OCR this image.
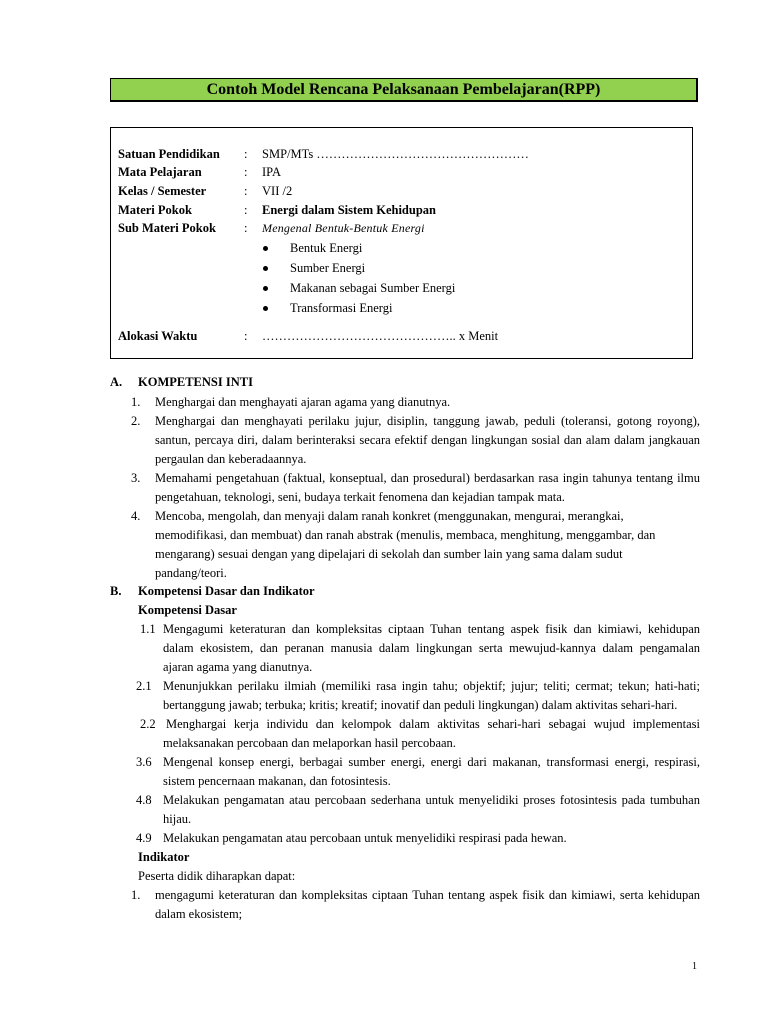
Contoh Model Rencana Pelaksanaan Pembelajaran(RPP)
Satuan Pendidikan : SMP/MTs ……………………………………………
Mata Pelajaran	: IPA
Kelas / Semester	: VII /2
Materi Pokok	: Energi dalam Sistem Kehidupan
Sub Materi Pokok : Mengenal Bentuk-Bentuk Energi
Bentuk Energi
Sumber Energi
Makanan sebagai Sumber Energi
Transformasi Energi
Alokasi Waktu	: ……………………………………….. x Menit
A. KOMPETENSI INTI
1. Menghargai dan menghayati ajaran agama yang dianutnya.
2. Menghargai dan menghayati perilaku jujur, disiplin, tanggung jawab, peduli (toleransi, gotong royong),
santun, percaya diri, dalam berinteraksi secara efektif dengan lingkungan sosial dan alam dalam jangkauan
pergaulan dan keberadaannya.
3. Memahami pengetahuan (faktual, konseptual, dan prosedural) berdasarkan rasa ingin tahunya tentang ilmu
pengetahuan, teknologi, seni, budaya terkait fenomena dan kejadian tampak mata.
4. Mencoba, mengolah, dan menyaji dalam ranah konkret (menggunakan, mengurai, merangkai,
memodifikasi, dan membuat) dan ranah abstrak (menulis, membaca, menghitung, menggambar, dan
mengarang) sesuai dengan yang dipelajari di sekolah dan sumber lain yang sama dalam sudut
pandang/teori.
B. Kompetensi Dasar dan Indikator
Kompetensi Dasar
1.1 Mengagumi keteraturan dan kompleksitas ciptaan Tuhan tentang aspek fisik dan kimiawi, kehidupan
dalam ekosistem, dan peranan manusia dalam lingkungan serta mewujud-kannya dalam pengamalan
ajaran agama yang dianutnya.
2.1 Menunjukkan perilaku ilmiah (memiliki rasa ingin tahu; objektif; jujur; teliti; cermat; tekun; hati-hati;
bertanggung jawab; terbuka; kritis; kreatif; inovatif dan peduli lingkungan) dalam aktivitas sehari-hari.
2.2 Menghargai kerja individu dan kelompok dalam aktivitas sehari-hari sebagai wujud implementasi
melaksanakan percobaan dan melaporkan hasil percobaan.
3.6 Mengenal konsep energi, berbagai sumber energi, energi dari makanan, transformasi energi, respirasi,
sistem pencernaan makanan, dan fotosintesis.
4.8 Melakukan pengamatan atau percobaan sederhana untuk menyelidiki proses fotosintesis pada tumbuhan
hijau.
4.9 Melakukan pengamatan atau percobaan untuk menyelidiki respirasi pada hewan.
Indikator
Peserta didik diharapkan dapat:
1. mengagumi keteraturan dan kompleksitas ciptaan Tuhan tentang aspek fisik dan kimiawi, serta kehidupan
dalam ekosistem;
1
